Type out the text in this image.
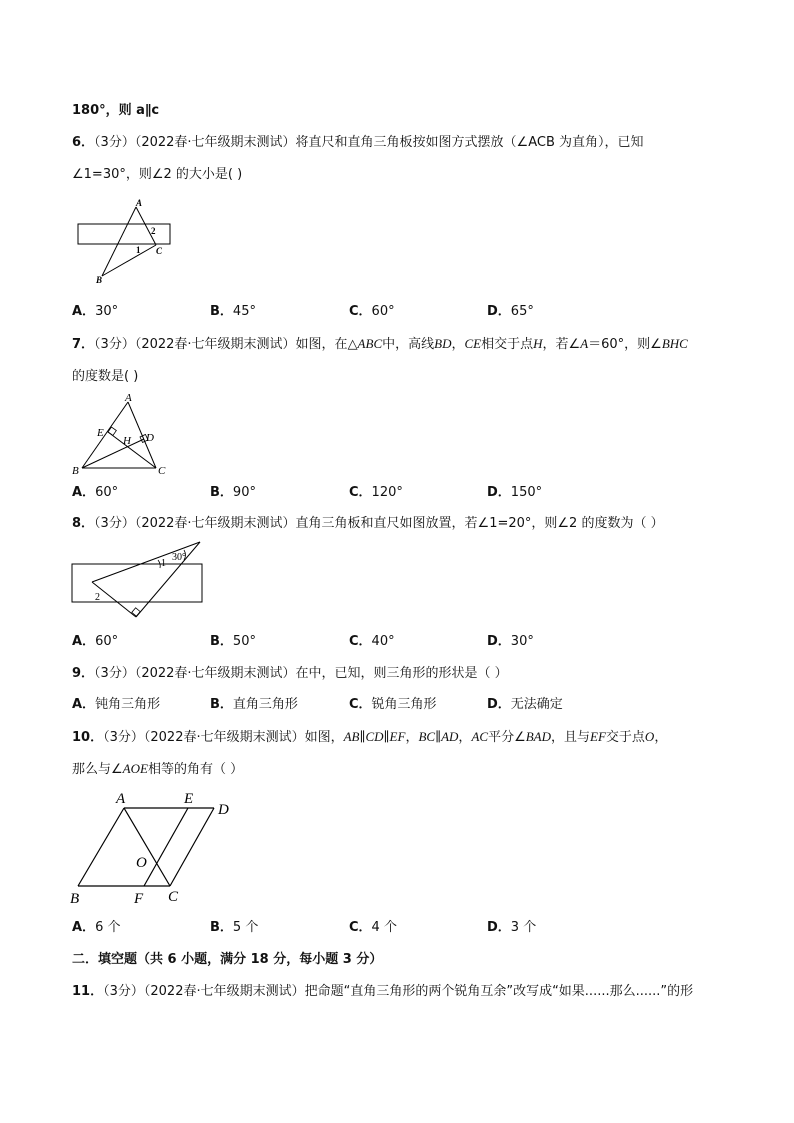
180°，则 a∥c
6．（3分）（2022春·七年级期末测试）将直尺和直角三角板按如图方式摆放（∠ACB 为直角），已知
∠1=30°，则∠2 的大小是( )
A
B
C
1
2
A．30°	B．45°	C．60°	D．65°
7．（3分）（2022春·七年级期末测试）如图，在△ABC中，高线BD，CE相交于点H，若∠A＝60°，则∠BHC
的度数是( )
A
B	C
D
E
H
A．60°	B．90°	C．120°	D．150°
8．（3分）（2022春·七年级期末测试）直角三角板和直尺如图放置，若∠1=20°，则∠2 的度数为（ ）
30°
1
2
A．60°	B．50°	C．40°	D．30°
9．（3分）（2022春·七年级期末测试）在中，已知，则三角形的形状是（ ）
A．钝角三角形	B．直角三角形	C．锐角三角形	D．无法确定
10．（3分）（2022春·七年级期末测试）如图，AB∥CD∥EF，BC∥AD，AC平分∠BAD，且与EF交于点O，
那么与∠AOE相等的角有（ ）
A	E
D
B	F C
O
A．6 个	B．5 个	C．4 个	D．3 个
二．填空题（共 6 小题，满分 18 分，每小题 3 分）
11．（3分）（2022春·七年级期末测试）把命题“直角三角形的两个锐角互余”改写成“如果......那么......”的形
